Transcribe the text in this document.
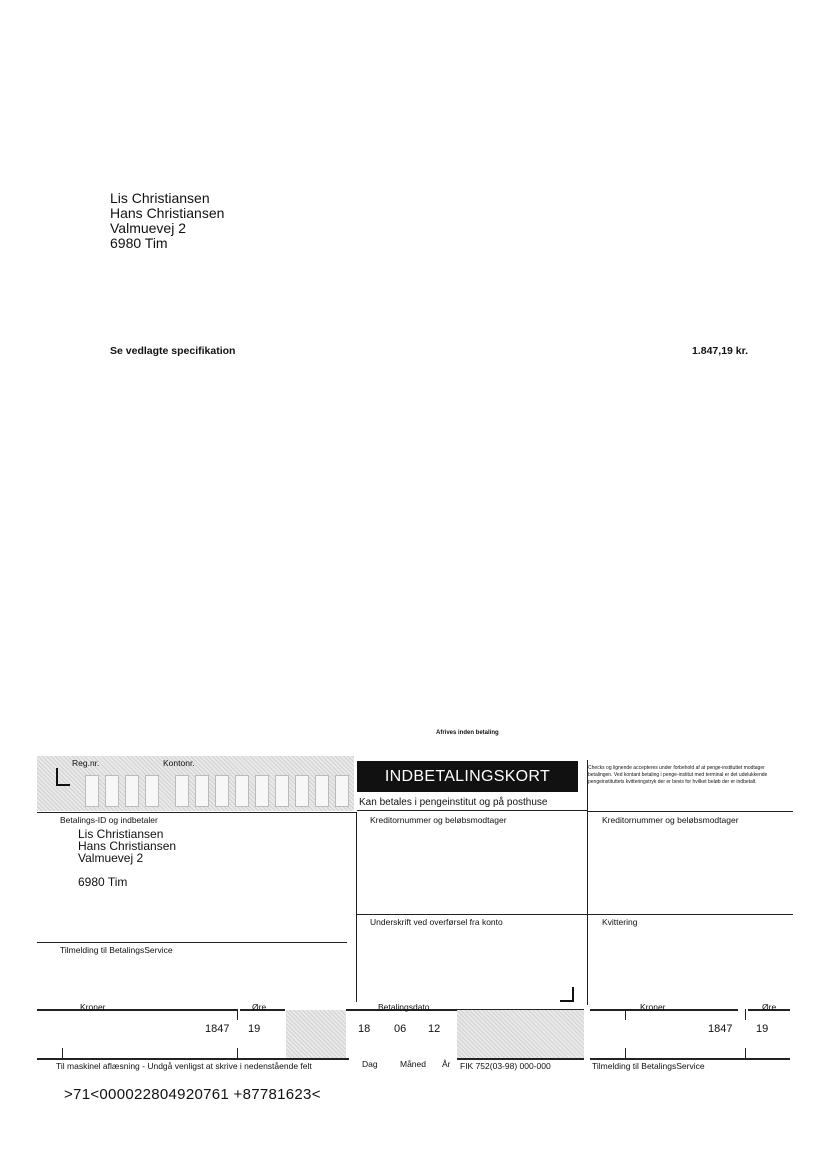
Lis Christiansen
Hans Christiansen
Valmuevej 2
6980 Tim
Se vedlagte specifikation	1.847,19 kr.
Afrives inden betaling
Reg.nr.	Kontonr.
INDBETALINGSKORT
Kan betales i pengeinstitut og på posthuse
Checks og lignende accepteres under forbehold af at penge-instituttet modtager betalingen. Ved kontant betaling i penge-institut med terminal er det udelukkende pengeinstituttets kvitteringstryk der er bevis for hvilket beløb der er indbetalt.
Betalings-ID og indbetaler
Lis Christiansen
Hans Christiansen
Valmuevej 2
6980 Tim
Kreditornummer og beløbsmodtager	Kreditornummer og beløbsmodtager
Underskrift ved overførsel fra konto	Kvittering
Tilmelding til BetalingsService
Kroner	Øre	Betalingsdato	Kroner	Øre
1847 19	18 06 12	1847 19
Til maskinel aflæsning - Undgå venligst at skrive i nedenstående felt	Dag	Måned År FIK 752(03-98) 000-000	Tilmelding til BetalingsService
>71<000022804920761 +87781623<
